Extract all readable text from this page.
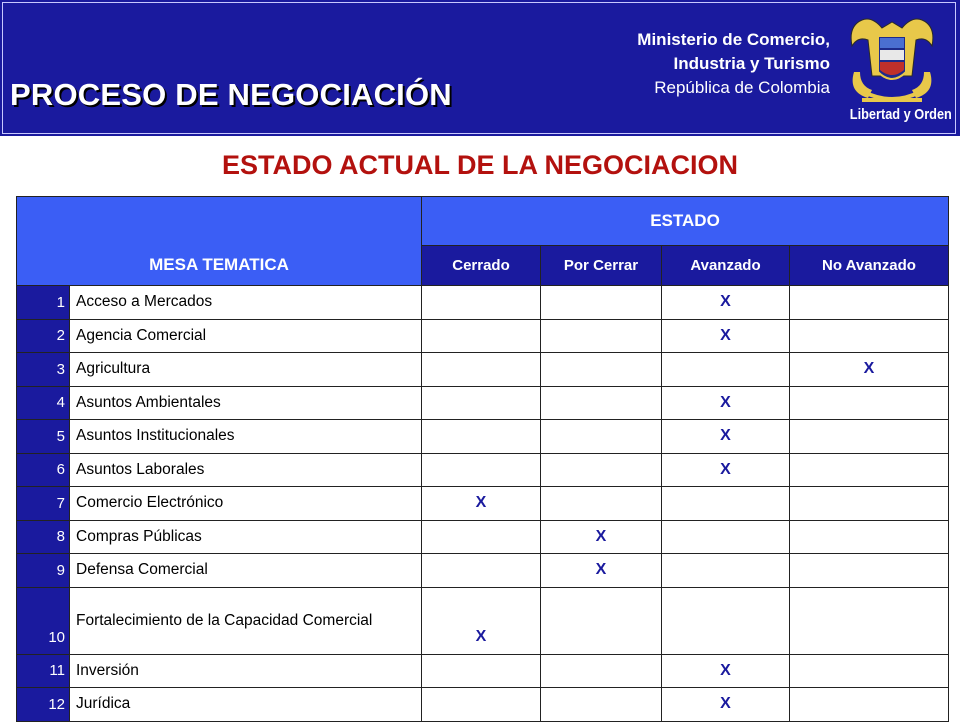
PROCESO DE NEGOCIACIÓN
Ministerio de Comercio,
Industria y Turismo
República de Colombia
Libertad y Orden
ESTADO ACTUAL DE LA NEGOCIACION
MESA TEMATICA		ESTADO			
		Cerrado	Por Cerrar	Avanzado	No Avanzado
1	Acceso a Mercados			X	
2	Agencia Comercial			X	
3	Agricultura				X
4	Asuntos Ambientales			X	
5	Asuntos Institucionales			X	
6	Asuntos Laborales			X	
7	Comercio Electrónico	X			
8	Compras Públicas		X		
9	Defensa Comercial		X		
10	Fortalecimiento de la Capacidad Comercial	X			
11	Inversión			X	
12	Jurídica			X	
